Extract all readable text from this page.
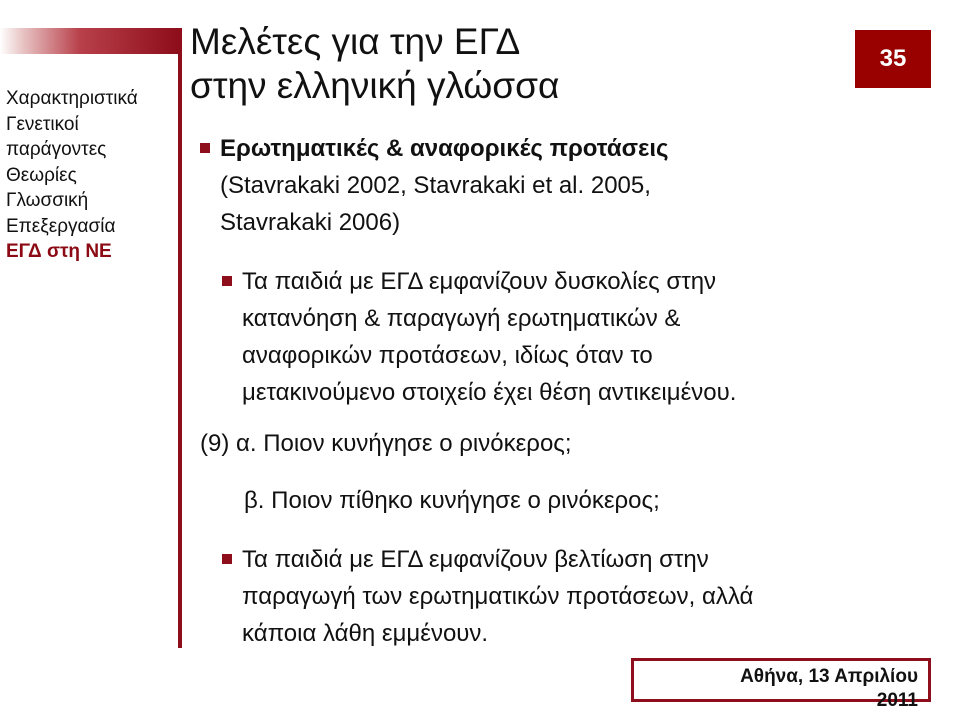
Μελέτες για την ΕΓΔ
στην ελληνική γλώσσα
35
Χαρακτηριστικά
Γενετικοί
παράγοντες
Θεωρίες
Γλωσσική
Επεξεργασία
ΕΓΔ στη ΝΕ
Ερωτηματικές & αναφορικές προτάσεις
(Stavrakaki 2002, Stavrakaki et al. 2005,
Stavrakaki 2006)
Τα παιδιά με ΕΓΔ εμφανίζουν δυσκολίες στην
κατανόηση & παραγωγή ερωτηματικών &
αναφορικών προτάσεων, ιδίως όταν το
μετακινούμενο στοιχείο έχει θέση αντικειμένου.
(9) α. Ποιον κυνήγησε ο ρινόκερος;
β. Ποιον πίθηκο κυνήγησε ο ρινόκερος;
Τα παιδιά με ΕΓΔ εμφανίζουν βελτίωση στην
παραγωγή των ερωτηματικών προτάσεων, αλλά
κάποια λάθη εμμένουν.
Αθήνα, 13 Απριλίου
2011
